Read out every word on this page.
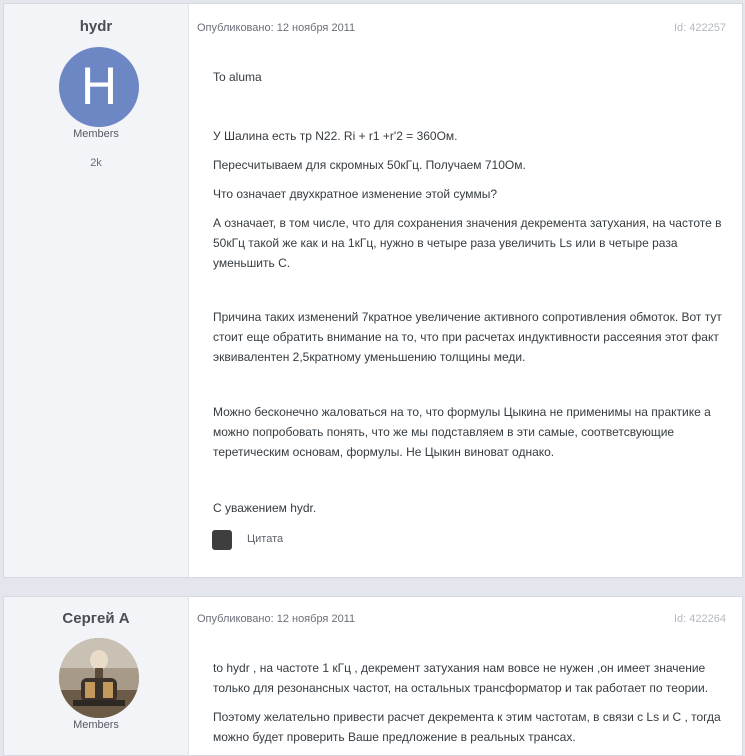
hydr
H
Members
2k
Опубликовано: 12 ноября 2011	Id: 422257

To aluma

У Шалина есть тр N22. Ri + r1 +r'2 = 360Ом.

Пересчитываем для скромных 50кГц. Получаем 710Ом.

Что означает двухкратное изменение этой суммы?

А означает, в том числе, что для сохранения значения декремента затухания, на частоте в 50кГц такой же как и на 1кГц, нужно в четыре раза увеличить Ls или в четыре раза уменьшить C.

Причина таких изменений 7кратное увеличение активного сопротивления обмоток. Вот тут стоит еще обратить внимание на то, что при расчетах индуктивности рассеяния этот факт эквивалентен 2,5кратному уменьшению толщины меди.

Можно бесконечно жаловаться на то, что формулы Цыкина не применимы на практике а можно попробовать понять, что же мы подставляем в эти самые, соответсвующие теретическим основам, формулы. Не Цыкин виноват однако.

С уважением hydr.

Цитата
Сергей А
Members
Опубликовано: 12 ноября 2011	Id: 422264

to hydr , на частоте 1 кГц , декремент затухания нам вовсе не нужен ,он имеет значение только для резонансных частот, на остальных трансформатор и так работает по теории.

Поэтому желательно привести расчет декремента к этим частотам, в связи с Ls и C , тогда можно будет проверить Ваше предложение в реальных трансах.
